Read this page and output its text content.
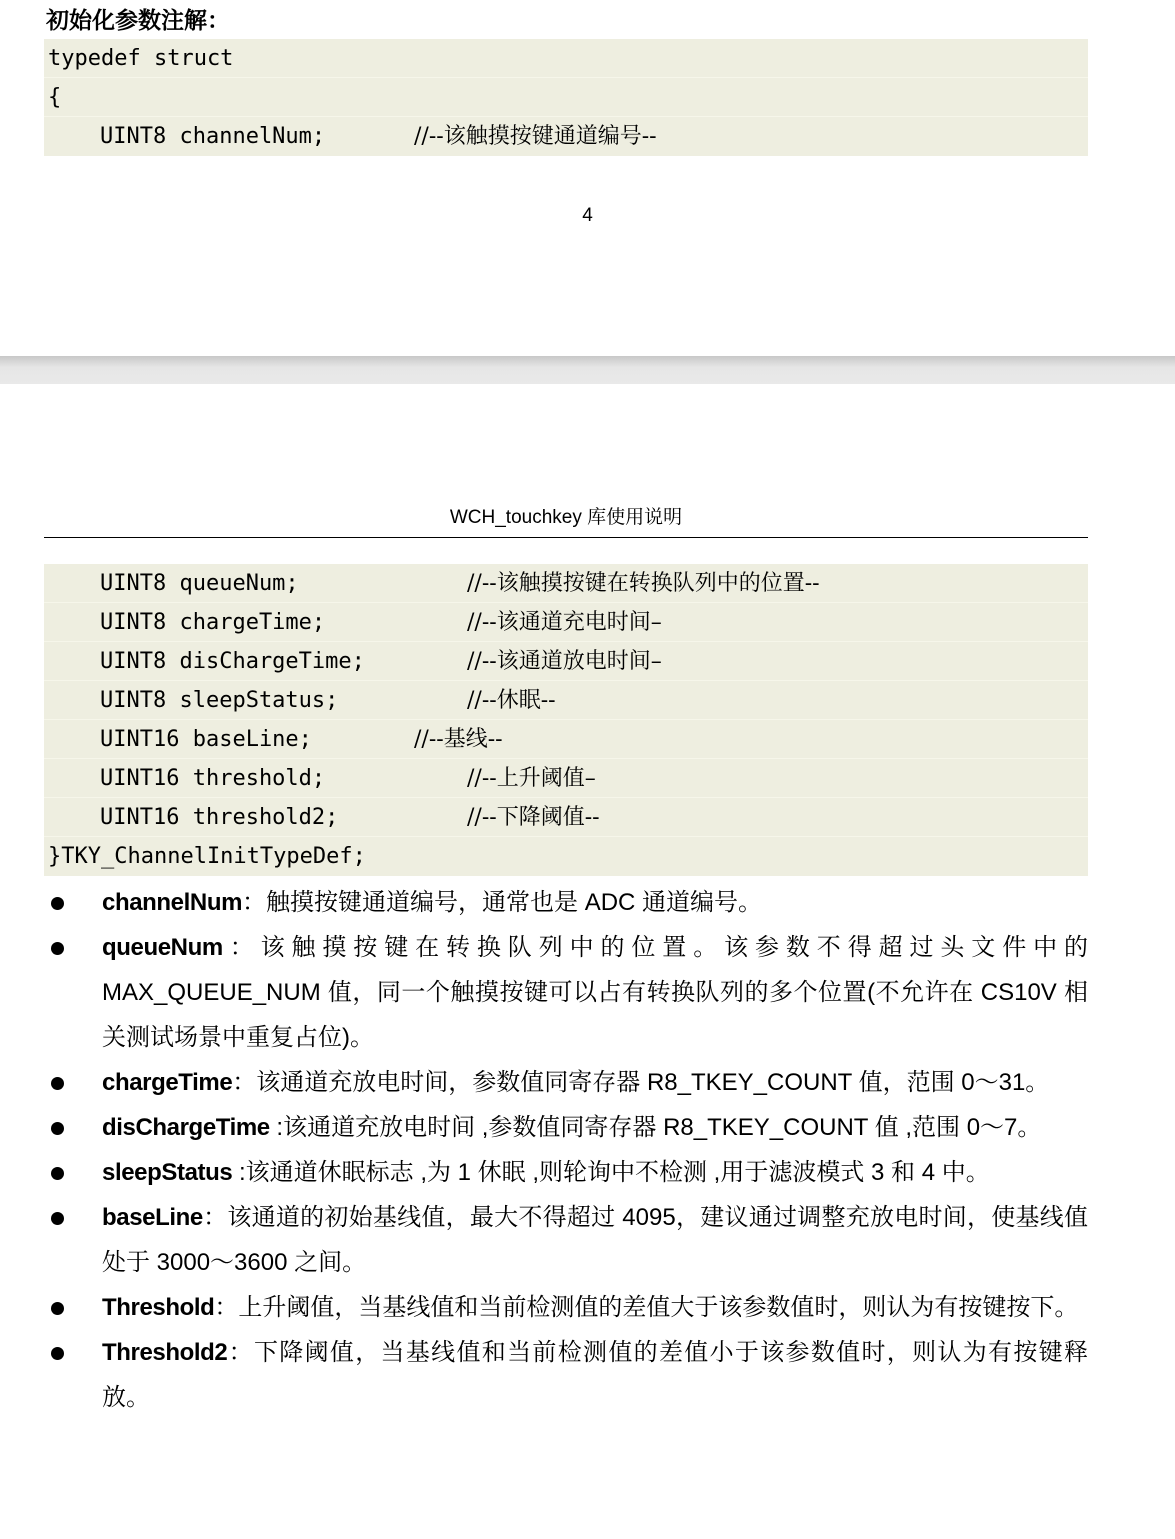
初始化参数注解：

typedef struct

{

UINT8 channelNum;

	//--该触摸按键通道编号--

4
WCH_touchkey 库使用说明

UINT8 queueNum;

	//--该触摸按键在转换队列中的位置--

UINT8 chargeTime;

	//--该通道充电时间–

UINT8 disChargeTime;

	//--该通道放电时间–

UINT8 sleepStatus;

	//--休眠--

UINT16 baseLine;

	//--基线--

UINT16 threshold;

	//--上升阈值–

UINT16 threshold2;

	//--下降阈值--

}TKY_ChannelInitTypeDef;

channelNum：触摸按键通道编号，通常也是 ADC 通道编号。
queueNum：该触摸按键在转换队列中的位置。该参数不得超过头文件中的 MAX_QUEUE_NUM 值，同一个触摸按键可以占有转换队列的多个位置(不允许在 CS10V 相关测试场景中重复占位)。
chargeTime：该通道充放电时间，参数值同寄存器 R8_TKEY_COUNT 值，范围 0～31。
disChargeTime :该通道充放电时间 ,参数值同寄存器 R8_TKEY_COUNT 值 ,范围 0～7。
sleepStatus :该通道休眠标志 ,为 1 休眠 ,则轮询中不检测 ,用于滤波模式 3 和 4 中。
baseLine：该通道的初始基线值，最大不得超过 4095，建议通过调整充放电时间，使基线值处于 3000～3600 之间。
Threshold：上升阈值，当基线值和当前检测值的差值大于该参数值时，则认为有按键按下。
Threshold2：下降阈值，当基线值和当前检测值的差值小于该参数值时，则认为有按键释放。
